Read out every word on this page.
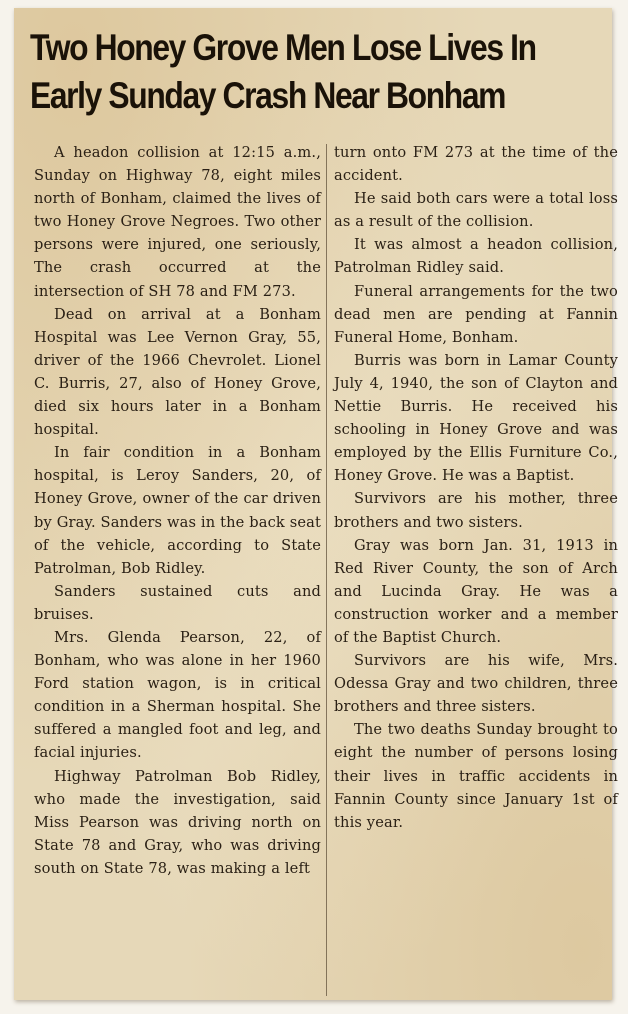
Two Honey Grove Men Lose Lives In
Early Sunday Crash Near Bonham

A headon collision at 12:15 a.m., Sunday on Highway 78, eight miles north of Bonham, claimed the lives of two Honey Grove Negroes. Two other persons were injured, one seriously, The crash occurred at the intersection of SH 78 and FM 273.

Dead on arrival at a Bonham Hospital was Lee Vernon Gray, 55, driver of the 1966 Chevrolet. Lionel C. Burris, 27, also of Honey Grove, died six hours later in a Bonham hospital.

In fair condition in a Bonham hospital, is Leroy Sanders, 20, of Honey Grove, owner of the car driven by Gray. Sanders was in the back seat of the vehicle, according to State Patrolman, Bob Ridley.

Sanders sustained cuts and bruises.

Mrs. Glenda Pearson, 22, of Bonham, who was alone in her 1960 Ford station wagon, is in critical condition in a Sherman hospital. She suffered a mangled foot and leg, and facial injuries.

Highway Patrolman Bob Ridley, who made the investigation, said Miss Pearson was driving north on State 78 and Gray, who was driving south on State 78, was making a left

turn onto FM 273 at the time of the accident.

He said both cars were a total loss as a result of the collision.

It was almost a headon collision, Patrolman Ridley said.

Funeral arrangements for the two dead men are pending at Fannin Funeral Home, Bonham.

Burris was born in Lamar County July 4, 1940, the son of Clayton and Nettie Burris. He received his schooling in Honey Grove and was employed by the Ellis Furniture Co., Honey Grove. He was a Baptist.

Survivors are his mother, three brothers and two sisters.

Gray was born Jan. 31, 1913 in Red River County, the son of Arch and Lucinda Gray. He was a construction worker and a member of the Baptist Church.

Survivors are his wife, Mrs. Odessa Gray and two children, three brothers and three sisters.

The two deaths Sunday brought to eight the number of persons losing their lives in traffic accidents in Fannin County since January 1st of this year.
